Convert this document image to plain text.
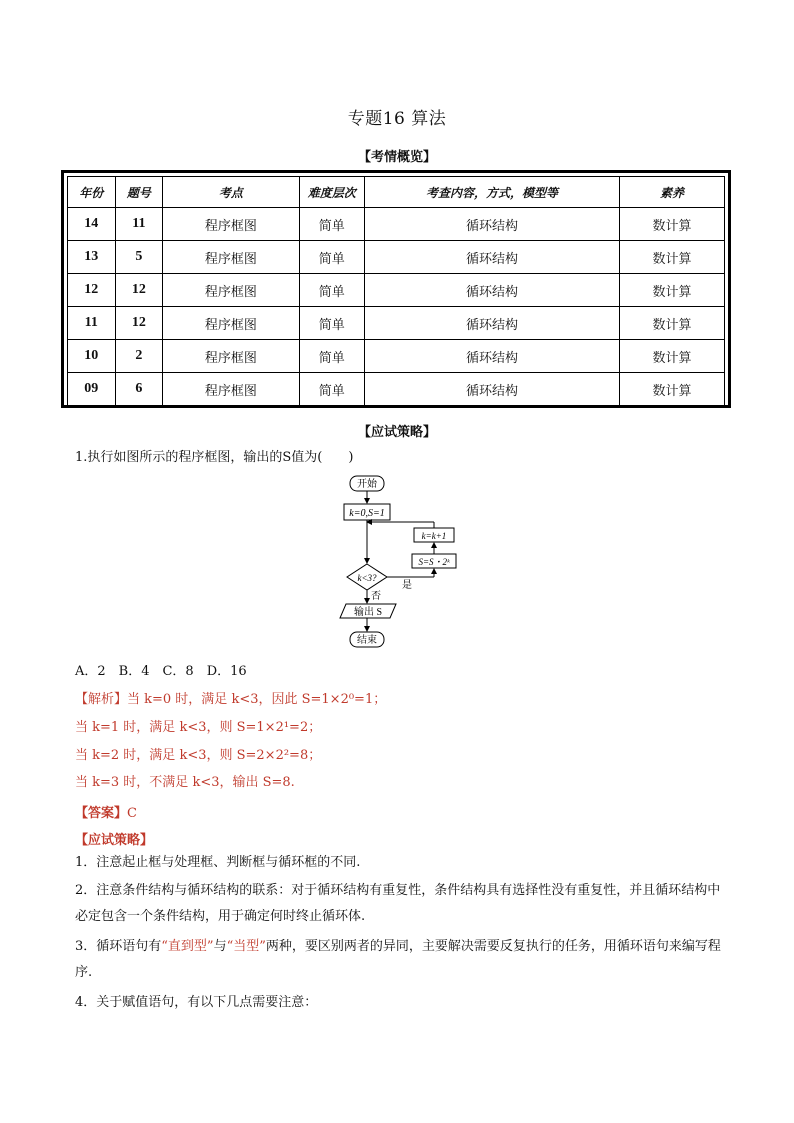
专题16 算法
【考情概览】
年份	题号	考点	难度层次	考查内容，方式，模型等	素养
14	11	程序框图	简单	循环结构	数计算
13	5	程序框图	简单	循环结构	数计算
12	12	程序框图	简单	循环结构	数计算
11	12	程序框图	简单	循环结构	数计算
10	2	程序框图	简单	循环结构	数计算
09	6	程序框图	简单	循环结构	数计算
【应试策略】
1.执行如图所示的程序框图，输出的S值为(　　)
开始
k=0,S=1
k=k+1
S=S・2ᵏ
k<3?
是
否
输出 S
结束
A．2　B．4　C．8　D．16
【解析】当 k=0 时，满足 k<3，因此 S=1×2⁰=1；
当 k=1 时，满足 k<3，则 S=1×2¹=2；
当 k=2 时，满足 k<3，则 S=2×2²=8；
当 k=3 时，不满足 k<3，输出 S=8.
【答案】C
【应试策略】
1．注意起止框与处理框、判断框与循环框的不同.
2．注意条件结构与循环结构的联系：对于循环结构有重复性，条件结构具有选择性没有重复性，并且循环结构中必定包含一个条件结构，用于确定何时终止循环体.
3．循环语句有“直到型”与“当型”两种，要区别两者的异同，主要解决需要反复执行的任务，用循环语句来编写程序.
4．关于赋值语句，有以下几点需要注意：
